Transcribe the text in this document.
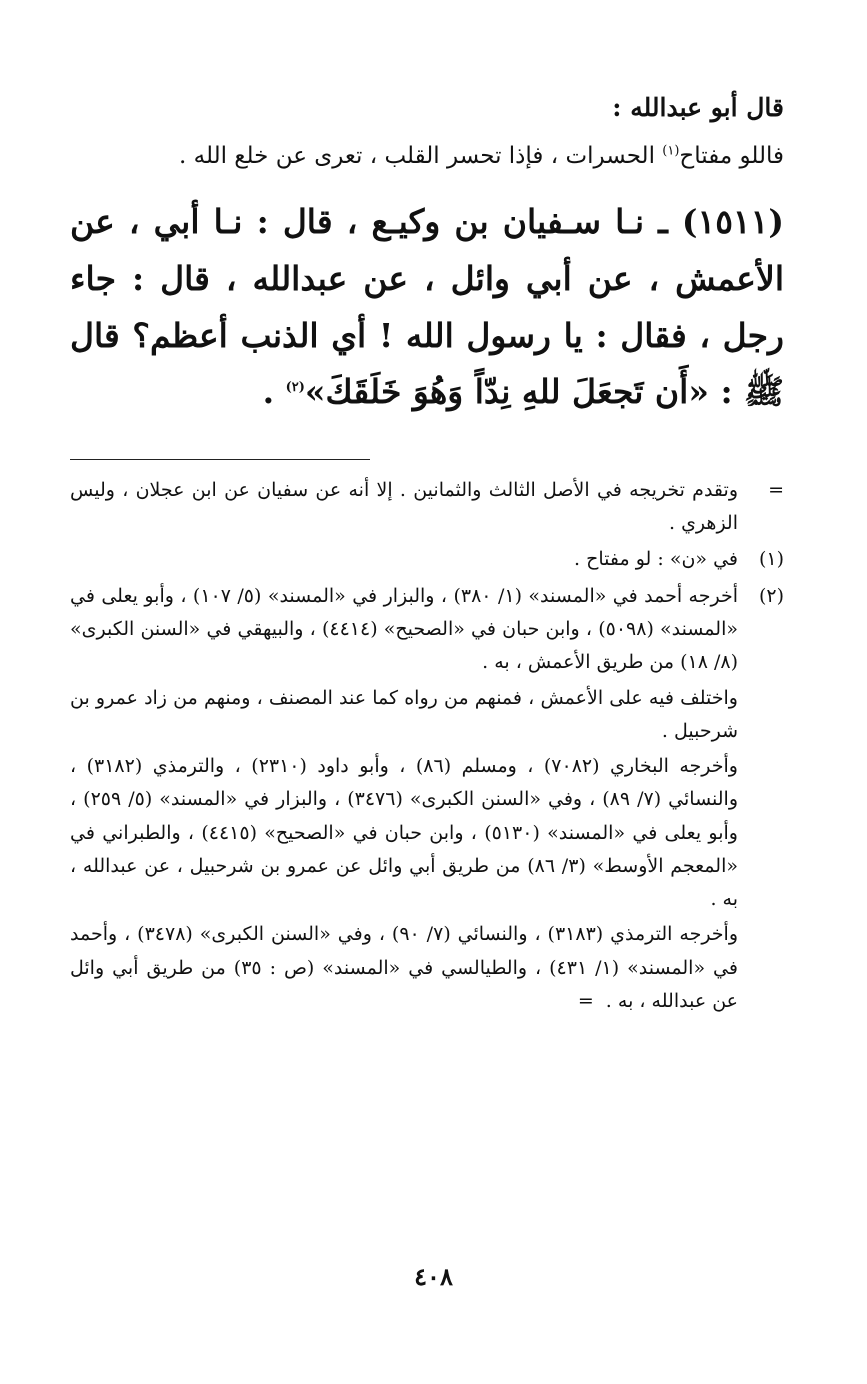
قال أبو عبدالله :
فاللو مفتاح$^{(١)}$ الحسرات ، فإذا تحسر القلب ، تعرى عن خلع الله .
(١٥١١) ـ نـا سـفيان بن وكيـع ، قال : نـا أبي ، عن الأعمش ، عن أبي وائل ، عن عبدالله ، قال : جاء رجل ، فقال : يا رسول الله ! أي الذنب أعظم؟ قال ﷺ : «أَن تَجعَلَ للهِ نِدّاً وَهُوَ خَلَقَكَ»$^{(٢)}$ .
=
وتقدم تخريجه في الأصل الثالث والثمانين . إلا أنه عن سفيان عن ابن عجلان ، وليس الزهري .
(١)
في «ن» : لو مفتاح .
(٢)
أخرجه أحمد في «المسند» (١/ ٣٨٠) ، والبزار في «المسند» (٥/ ١٠٧) ، وأبو يعلى في «المسند» (٥٠٩٨) ، وابن حبان في «الصحيح» (٤٤١٤) ، والبيهقي في «السنن الكبرى» (٨/ ١٨) من طريق الأعمش ، به .
واختلف فيه على الأعمش ، فمنهم من رواه كما عند المصنف ، ومنهم من زاد عمرو بن شرحبيل .
وأخرجه البخاري (٧٠٨٢) ، ومسلم (٨٦) ، وأبو داود (٢٣١٠) ، والترمذي (٣١٨٢) ، والنسائي (٧/ ٨٩) ، وفي «السنن الكبرى» (٣٤٧٦) ، والبزار في «المسند» (٥/ ٢٥٩) ، وأبو يعلى في «المسند» (٥١٣٠) ، وابن حبان في «الصحيح» (٤٤١٥) ، والطبراني في «المعجم الأوسط» (٣/ ٨٦) من طريق أبي وائل عن عمرو بن شرحبيل ، عن عبدالله ، به .
وأخرجه الترمذي (٣١٨٣) ، والنسائي (٧/ ٩٠) ، وفي «السنن الكبرى» (٣٤٧٨) ، وأحمد في «المسند» (١/ ٤٣١) ، والطيالسي في «المسند» (ص : ٣٥) من طريق أبي وائل عن عبدالله ، به . =
٤٠٨
